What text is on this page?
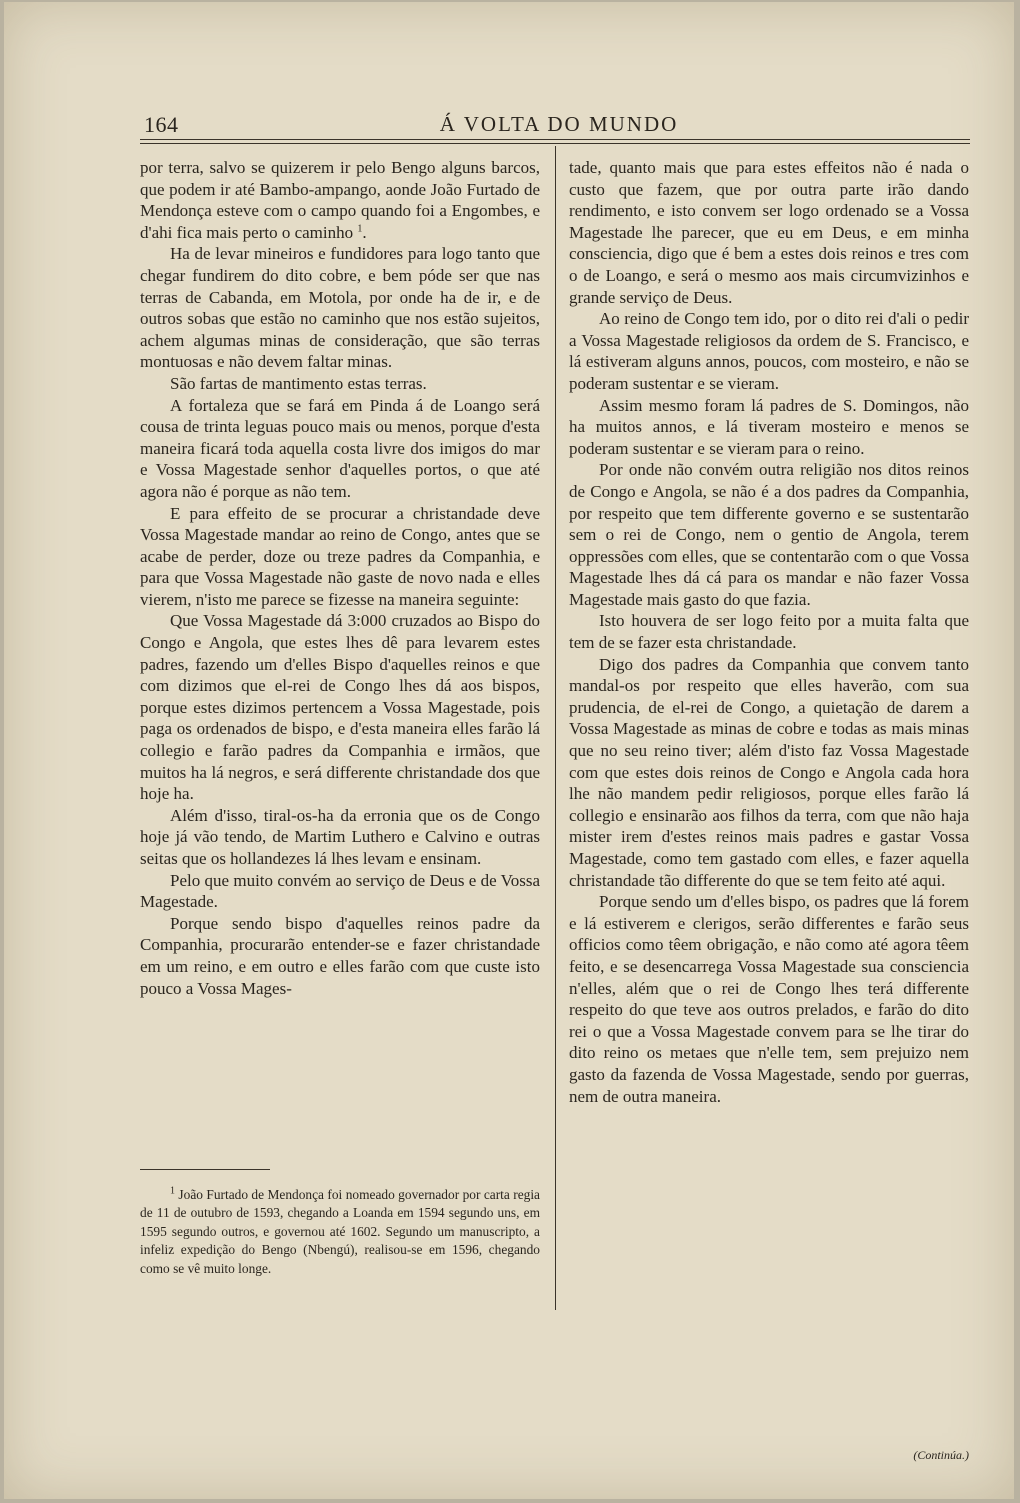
164	Á VOLTA DO MUNDO

por terra, salvo se quizerem ir pelo Bengo alguns barcos, que podem ir até Bambo-ampango, aonde João Furtado de Mendonça esteve com o campo quando foi a Engombes, e d'ahi fica mais perto o caminho $^1$.

Ha de levar mineiros e fundidores para logo tanto que chegar fundirem do dito cobre, e bem póde ser que nas terras de Cabanda, em Motola, por onde ha de ir, e de outros sobas que estão no caminho que nos estão sujeitos, achem algumas minas de consideração, que são terras montuosas e não devem faltar minas.

São fartas de mantimento estas terras.

A fortaleza que se fará em Pinda á de Loango será cousa de trinta leguas pouco mais ou menos, porque d'esta maneira ficará toda aquella costa livre dos imigos do mar e Vossa Magestade senhor d'aquelles portos, o que até agora não é porque as não tem.

E para effeito de se procurar a christandade deve Vossa Magestade mandar ao reino de Congo, antes que se acabe de perder, doze ou treze padres da Companhia, e para que Vossa Magestade não gaste de novo nada e elles vierem, n'isto me parece se fizesse na maneira seguinte:

Que Vossa Magestade dá 3:000 cruzados ao Bispo do Congo e Angola, que estes lhes dê para levarem estes padres, fazendo um d'elles Bispo d'aquelles reinos e que com dizimos que el-rei de Congo lhes dá aos bispos, porque estes dizimos pertencem a Vossa Magestade, pois paga os ordenados de bispo, e d'esta maneira elles farão lá collegio e farão padres da Companhia e irmãos, que muitos ha lá negros, e será differente christandade dos que hoje ha.

Além d'isso, tiral-os-ha da erronia que os de Congo hoje já vão tendo, de Martim Luthero e Calvino e outras seitas que os hollandezes lá lhes levam e ensinam.

Pelo que muito convém ao serviço de Deus e de Vossa Magestade.

Porque sendo bispo d'aquelles reinos padre da Companhia, procurarão entender-se e fazer christandade em um reino, e em outro e elles farão com que custe isto pouco a Vossa Mages-

$^1$ João Furtado de Mendonça foi nomeado governador por carta regia de 11 de outubro de 1593, chegando a Loanda em 1594 segundo uns, em 1595 segundo outros, e governou até 1602. Segundo um manuscripto, a infeliz expedição do Bengo (Nbengú), realisou-se em 1596, chegando como se vê muito longe.

tade, quanto mais que para estes effeitos não é nada o custo que fazem, que por outra parte irão dando rendimento, e isto convem ser logo ordenado se a Vossa Magestade lhe parecer, que eu em Deus, e em minha consciencia, digo que é bem a estes dois reinos e tres com o de Loango, e será o mesmo aos mais circumvizinhos e grande serviço de Deus.

Ao reino de Congo tem ido, por o dito rei d'ali o pedir a Vossa Magestade religiosos da ordem de S. Francisco, e lá estiveram alguns annos, poucos, com mosteiro, e não se poderam sustentar e se vieram.

Assim mesmo foram lá padres de S. Domingos, não ha muitos annos, e lá tiveram mosteiro e menos se poderam sustentar e se vieram para o reino.

Por onde não convém outra religião nos ditos reinos de Congo e Angola, se não é a dos padres da Companhia, por respeito que tem differente governo e se sustentarão sem o rei de Congo, nem o gentio de Angola, terem oppressões com elles, que se contentarão com o que Vossa Magestade lhes dá cá para os mandar e não fazer Vossa Magestade mais gasto do que fazia.

Isto houvera de ser logo feito por a muita falta que tem de se fazer esta christandade.

Digo dos padres da Companhia que convem tanto mandal-os por respeito que elles haverão, com sua prudencia, de el-rei de Congo, a quietação de darem a Vossa Magestade as minas de cobre e todas as mais minas que no seu reino tiver; além d'isto faz Vossa Magestade com que estes dois reinos de Congo e Angola cada hora lhe não mandem pedir religiosos, porque elles farão lá collegio e ensinarão aos filhos da terra, com que não haja mister irem d'estes reinos mais padres e gastar Vossa Magestade, como tem gastado com elles, e fazer aquella christandade tão differente do que se tem feito até aqui.

Porque sendo um d'elles bispo, os padres que lá forem e lá estiverem e clerigos, serão differentes e farão seus officios como têem obrigação, e não como até agora têem feito, e se desencarrega Vossa Magestade sua consciencia n'elles, além que o rei de Congo lhes terá differente respeito do que teve aos outros prelados, e farão do dito rei o que a Vossa Magestade convem para se lhe tirar do dito reino os metaes que n'elle tem, sem prejuizo nem gasto da fazenda de Vossa Magestade, sendo por guerras, nem de outra maneira.

(Continúa.)
